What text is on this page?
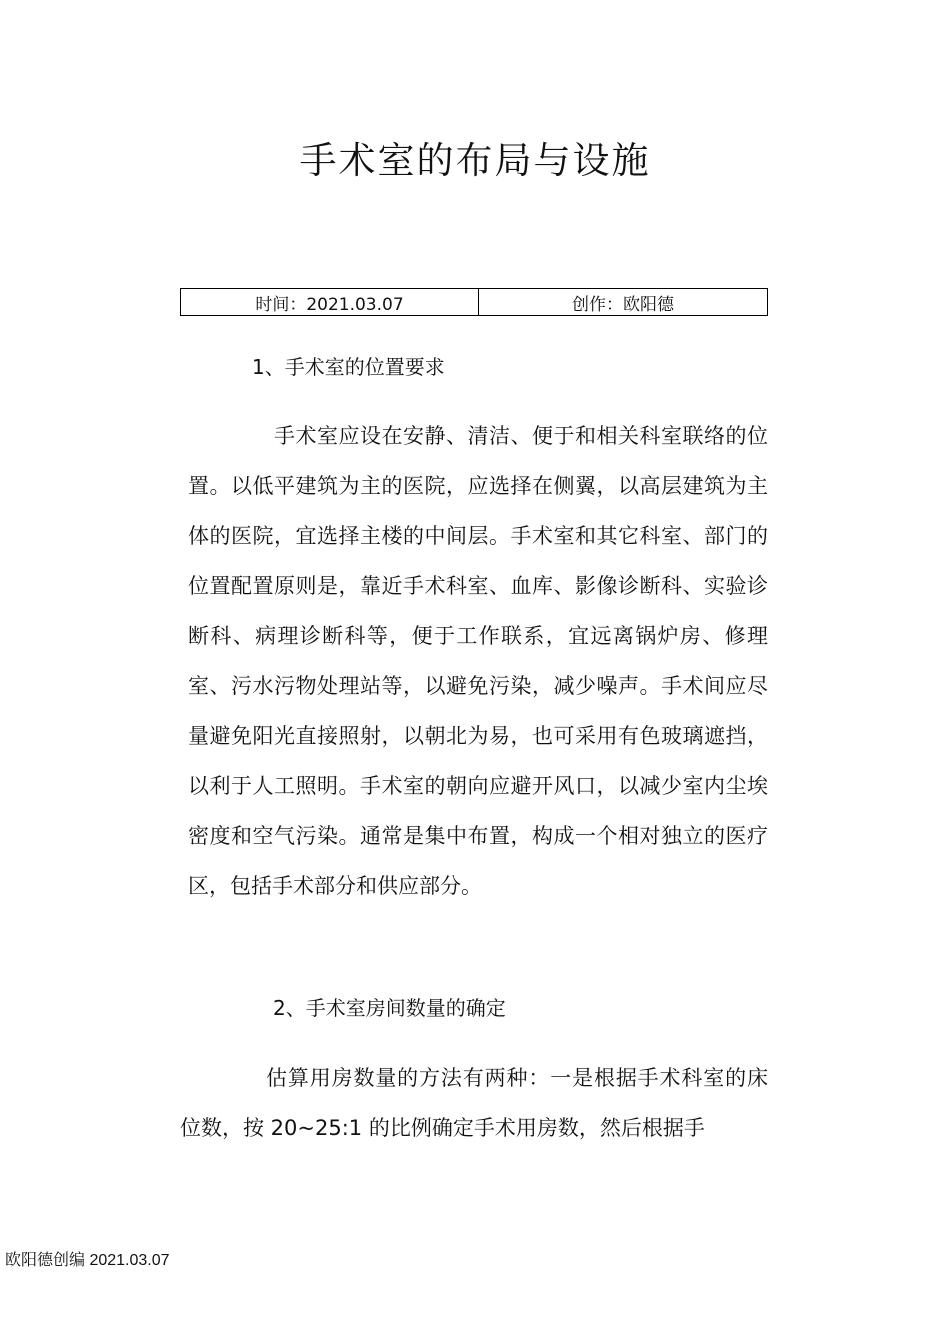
手术室的布局与设施
时间：2021.03.07	创作：欧阳德

1、手术室的位置要求

手术室应设在安静、清洁、便于和相关科室联络的位置。以低平建筑为主的医院，应选择在侧翼，以高层建筑为主体的医院，宜选择主楼的中间层。手术室和其它科室、部门的位置配置原则是，靠近手术科室、血库、影像诊断科、实验诊断科、病理诊断科等，便于工作联系，宜远离锅炉房、修理室、污水污物处理站等，以避免污染，减少噪声。手术间应尽量避免阳光直接照射，以朝北为易，也可采用有色玻璃遮挡，以利于人工照明。手术室的朝向应避开风口，以减少室内尘埃密度和空气污染。通常是集中布置，构成一个相对独立的医疗区，包括手术部分和供应部分。

2、手术室房间数量的确定

估算用房数量的方法有两种：一是根据手术科室的床位数，按 20~25:1 的比例确定手术用房数，然后根据手

欧阳德创编 2021.03.07
